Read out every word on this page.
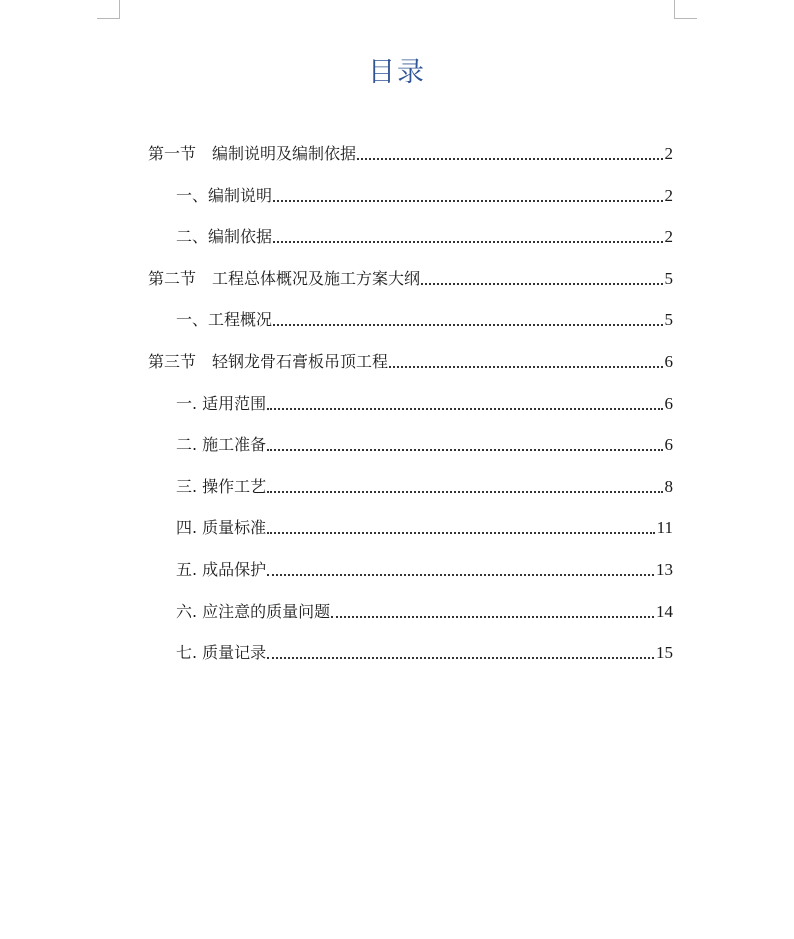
目录
第一节　编制说明及编制依据	2
一、编制说明	2
二、编制依据	2
第二节　工程总体概况及施工方案大纲	5
一、工程概况	5
第三节　轻钢龙骨石膏板吊顶工程	6
一. 适用范围	6
二. 施工准备	6
三. 操作工艺	8
四. 质量标准	11
五. 成品保护	13
六. 应注意的质量问题	14
七. 质量记录	15
